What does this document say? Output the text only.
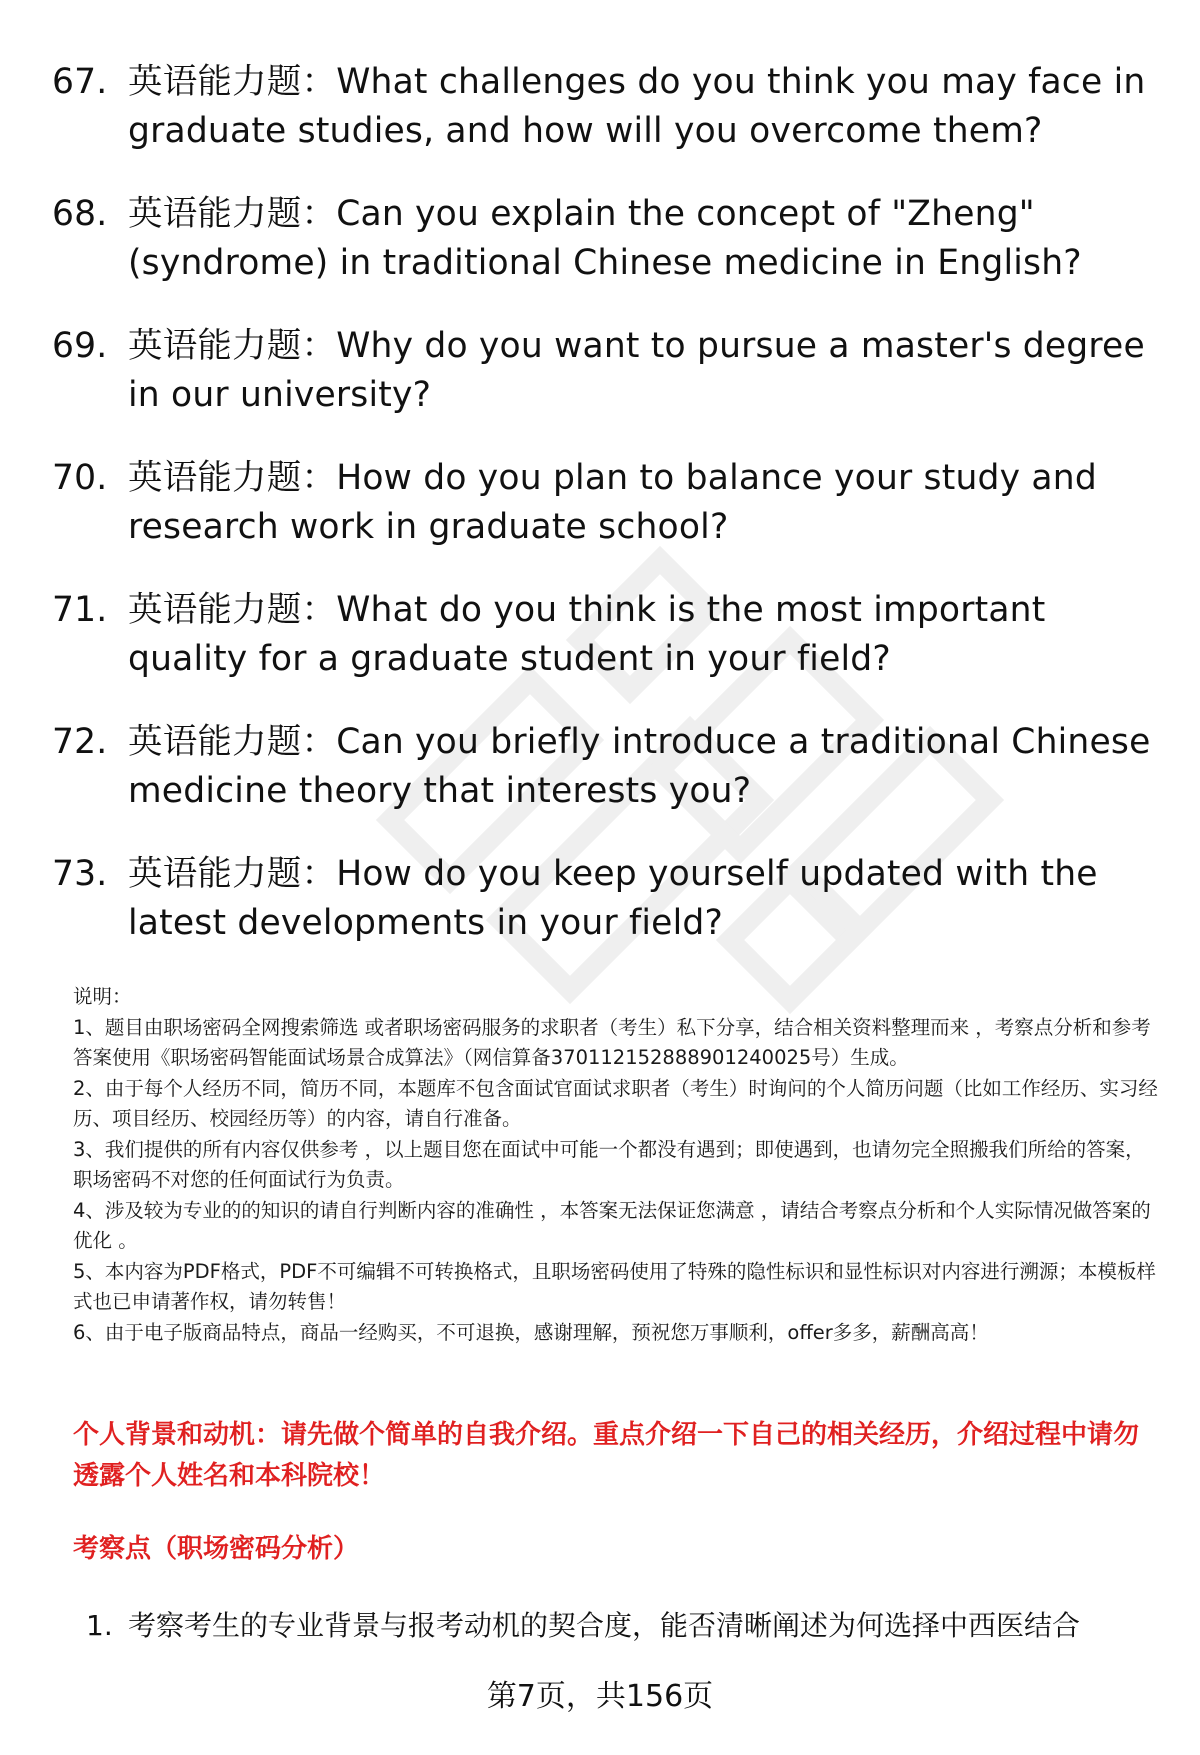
67. 英语能力题：What challenges do you think you may face in graduate studies, and how will you overcome them?
68. 英语能力题：Can you explain the concept of "Zheng" (syndrome) in traditional Chinese medicine in English?
69. 英语能力题：Why do you want to pursue a master's degree in our university?
70. 英语能力题：How do you plan to balance your study and research work in graduate school?
71. 英语能力题：What do you think is the most important quality for a graduate student in your field?
72. 英语能力题：Can you briefly introduce a traditional Chinese medicine theory that interests you?
73. 英语能力题：How do you keep yourself updated with the latest developments in your field?

说明：

1、题目由职场密码全网搜索筛选 或者职场密码服务的求职者（考生）私下分享，结合相关资料整理而来 ，考察点分析和参考答案使用《职场密码智能面试场景合成算法》（网信算备370112152888901240025号）生成。

2、由于每个人经历不同，简历不同，本题库不包含面试官面试求职者（考生）时询问的个人简历问题（比如工作经历、实习经历、项目经历、校园经历等）的内容，请自行准备。

3、我们提供的所有内容仅供参考 ，以上题目您在面试中可能一个都没有遇到；即使遇到，也请勿完全照搬我们所给的答案，职场密码不对您的任何面试行为负责。

4、涉及较为专业的的知识的请自行判断内容的准确性 ，本答案无法保证您满意 ，请结合考察点分析和个人实际情况做答案的优化 。

5、本内容为PDF格式，PDF不可编辑不可转换格式，且职场密码使用了特殊的隐性标识和显性标识对内容进行溯源；本模板样式也已申请著作权，请勿转售！

6、由于电子版商品特点，商品一经购买，不可退换，感谢理解，预祝您万事顺利，offer多多，薪酬高高！

个人背景和动机：请先做个简单的自我介绍。重点介绍一下自己的相关经历，介绍过程中请勿透露个人姓名和本科院校！
考察点（职场密码分析）
1. 考察考生的专业背景与报考动机的契合度，能否清晰阐述为何选择中西医结合
第7页，共156页
